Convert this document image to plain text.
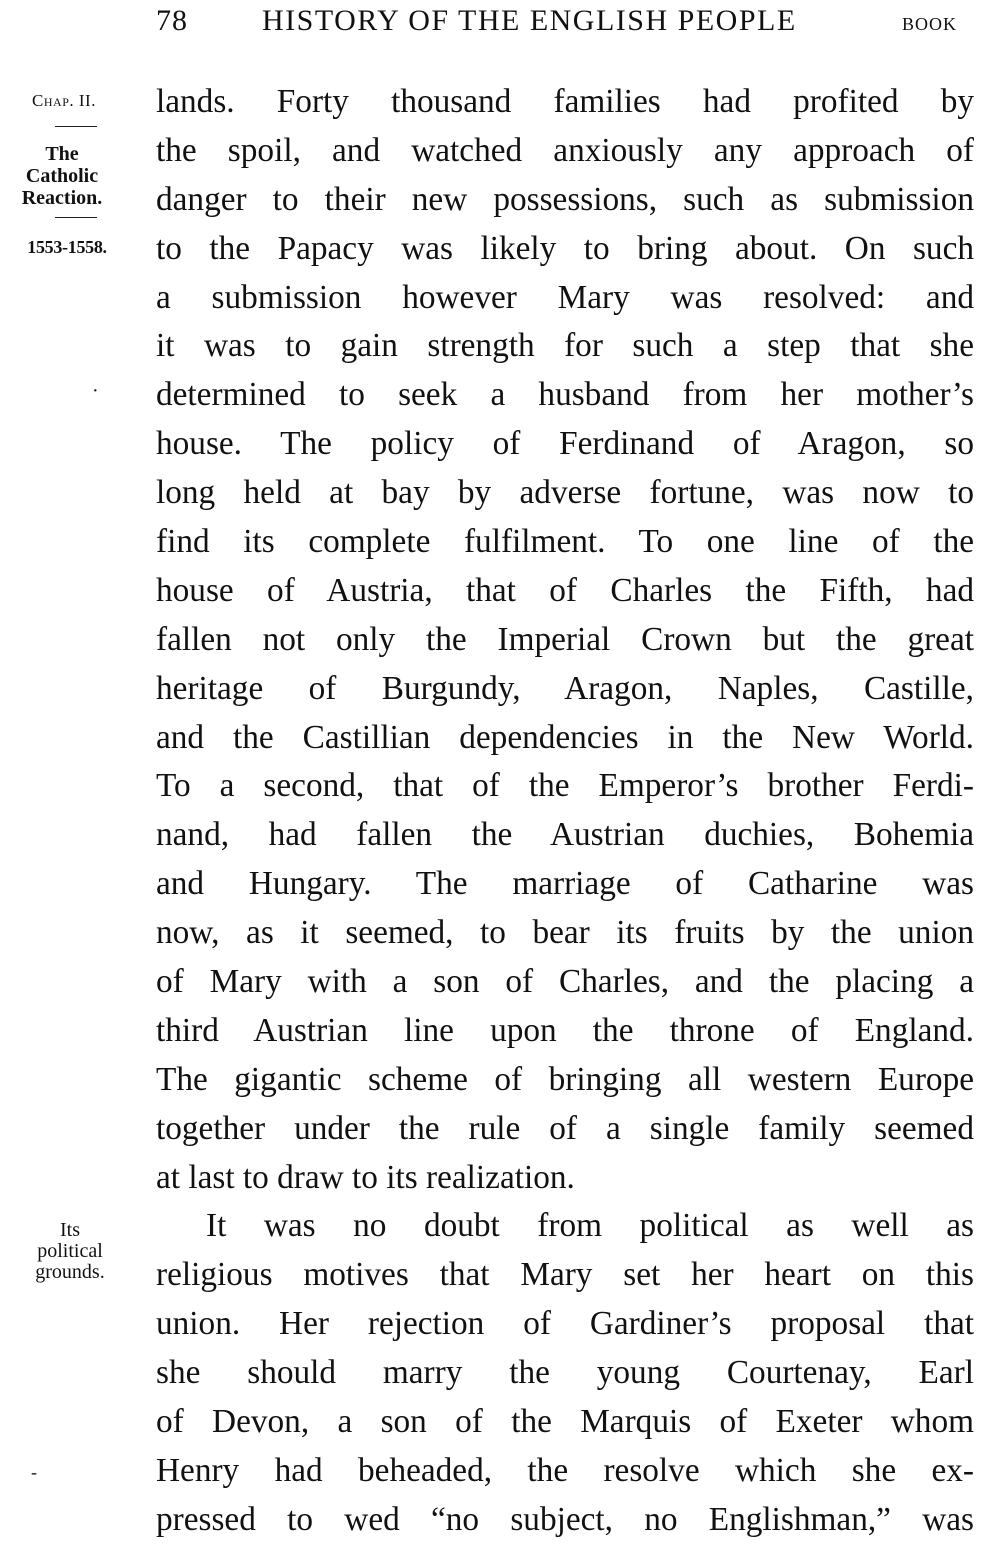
78 HISTORY OF THE ENGLISH PEOPLE	BOOK
Chap. II.
The
Catholic
Reaction.
1553-1558.
·
Its
political
grounds.
-
lands. Forty thousand families had profited by
the spoil, and watched anxiously any approach of
danger to their new possessions, such as submission
to the Papacy was likely to bring about. On such
a submission however Mary was resolved: and
it was to gain strength for such a step that she
determined to seek a husband from her mother’s
house. The policy of Ferdinand of Aragon, so
long held at bay by adverse fortune, was now to
find its complete fulfilment. To one line of the
house of Austria, that of Charles the Fifth, had
fallen not only the Imperial Crown but the great
heritage of Burgundy, Aragon, Naples, Castille,
and the Castillian dependencies in the New World.
To a second, that of the Emperor’s brother Ferdi-
nand, had fallen the Austrian duchies, Bohemia
and Hungary. The marriage of Catharine was
now, as it seemed, to bear its fruits by the union
of Mary with a son of Charles, and the placing a
third Austrian line upon the throne of England.
The gigantic scheme of bringing all western Europe
together under the rule of a single family seemed
at last to draw to its realization.
It was no doubt from political as well as
religious motives that Mary set her heart on this
union. Her rejection of Gardiner’s proposal that
she should marry the young Courtenay, Earl
of Devon, a son of the Marquis of Exeter whom
Henry had beheaded, the resolve which she ex-
pressed to wed “no subject, no Englishman,” was
